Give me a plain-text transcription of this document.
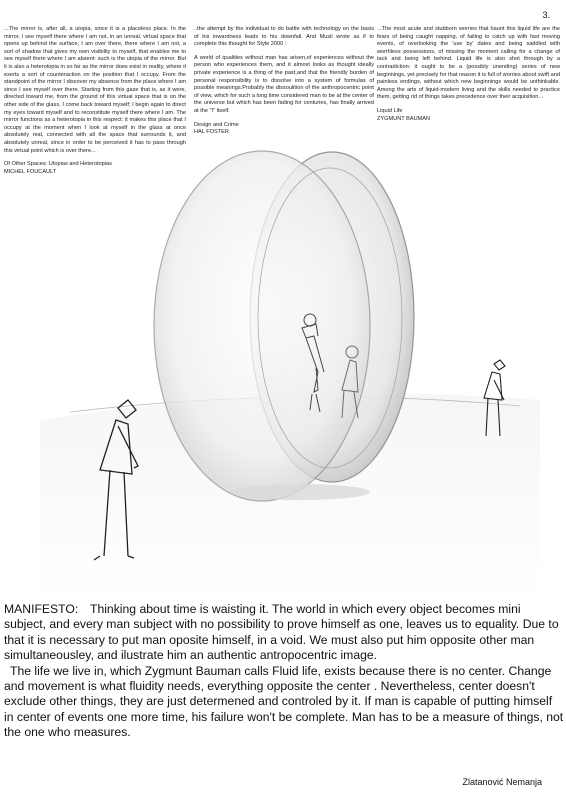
3.

...The mirror is, after all, a utopia, since it is a placeless place. In the mirror, I see myself there where I am not, in an unreal, virtual space that opens up behind the surface; I am over there, there where I am not, a sort of shadow that gives my own visibility to myself, that enables me to see myself there where I am absent: such is the utopia of the mirror. But it is also a heterotopia in so far as the mirror does exist in reality, where it exerts a sort of counteraction on the position that I occupy. From the standpoint of the mirror I discover my absence from the place where I am since I see myself over there. Starting from this gaze that is, as it were, directed toward me, from the ground of this virtual space that is on the other side of the glass, I come back toward myself; I begin again to direct my eyes toward myself and to reconstitute myself there where I am. The mirror functions as a heterotopia in this respect: it makes this place that I occupy at the moment when I look at myself in the glass at once absolutely real, connected with all the space that surrounds it, and absolutely unreal, since in order to be perceived it has to pass through this virtual point which is over there...

Of Other Spaces: Utopias and Heterotopias

MICHEL FOUCAULT

..the attempt by the individual to do battle with technology on the basis of his inwardness leads to his downfall. And Musil wrote as if to complete this thought for Style 2000 :

A world of qualities without man has arisen,of experiences without the person who experiences them, and it almost looks as thought ideally private experience is a thing of the past,and that the friendly burden of personal responsibility is to dissolve into a system of formulas of possible meanings.Probably the dissoulition of the anthropocentric point of view, which for such a long time considered man to be at the center of the universe but which has been fading for centuries, has finally arrived at the "I" itself.

Design and Crime

HAL FOSTER

...The most acute and stubborn worries that haunt this liquid life are the fears of being caught napping, of failing to catch up with fast moving events, of overlooking the 'use by' dates and being saddled with worthless possessions, of missing the moment calling for a change of tack and being left behind. Liquid life is also shot through by a contradiction: it ought to be a (possibly unending) series of new beginnings, yet precisely for that reason it is full of worries about swift and painless endings, without which new beginnings would be unthinkable. Among the arts of liquid-modern living and the skills needed to practice them, getting rid of things takes precedence over their acquisition...

Liquid Life

ZYGMUNT BAUMAN

MANIFESTO: Thinking about time is waisting it. The world in which every object becomes mini subject, and every man subject with no possibility to prove himself as one, leaves us to equality. Due to that it is necessary to put man oposite himself, in a void. We must also put him opposite other man simultaneousley, and ilustrate him an authentic antropocentric image.

The life we live in, which Zygmunt Bauman calls Fluid life, exists because there is no center. Change and movement is what fluidity needs, everything opposite the center . Nevertheless, center doesn't exclude other things, they are just determened and controled by it. If man is capable of putting himself in center of events one more time, his failure won't be complete. Man has to be a measure of things, not the one who measures.

Zlatanović Nemanja
